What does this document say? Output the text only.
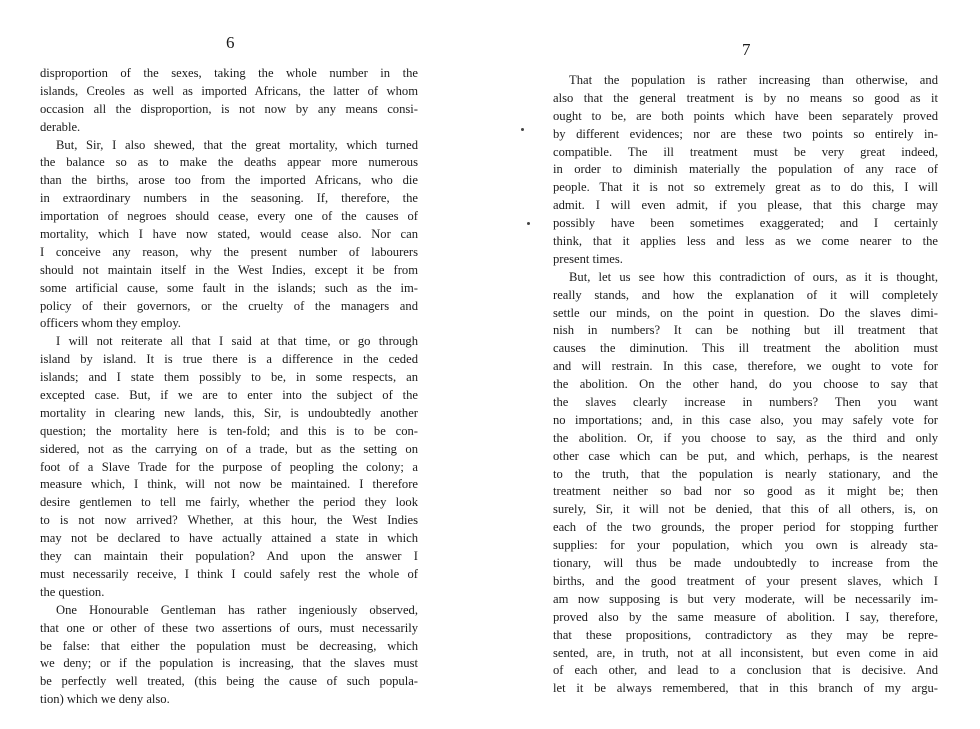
6
disproportion of the sexes, taking the whole number in the
islands, Creoles as well as imported Africans, the latter of whom
occasion all the disproportion, is not now by any means consi-
derable.
But, Sir, I also shewed, that the great mortality, which turned
the balance so as to make the deaths appear more numerous
than the births, arose too from the imported Africans, who die
in extraordinary numbers in the seasoning. If, therefore, the
importation of negroes should cease, every one of the causes of
mortality, which I have now stated, would cease also. Nor can
I conceive any reason, why the present number of labourers
should not maintain itself in the West Indies, except it be from
some artificial cause, some fault in the islands; such as the im-
policy of their governors, or the cruelty of the managers and
officers whom they employ.
I will not reiterate all that I said at that time, or go through
island by island. It is true there is a difference in the ceded
islands; and I state them possibly to be, in some respects, an
excepted case. But, if we are to enter into the subject of the
mortality in clearing new lands, this, Sir, is undoubtedly another
question; the mortality here is ten-fold; and this is to be con-
sidered, not as the carrying on of a trade, but as the setting on
foot of a Slave Trade for the purpose of peopling the colony; a
measure which, I think, will not now be maintained. I therefore
desire gentlemen to tell me fairly, whether the period they look
to is not now arrived? Whether, at this hour, the West Indies
may not be declared to have actually attained a state in which
they can maintain their population? And upon the answer I
must necessarily receive, I think I could safely rest the whole of
the question.
One Honourable Gentleman has rather ingeniously observed,
that one or other of these two assertions of ours, must necessarily
be false: that either the population must be decreasing, which
we deny; or if the population is increasing, that the slaves must
be perfectly well treated, (this being the cause of such popula-
tion) which we deny also.
7
That the population is rather increasing than otherwise, and
also that the general treatment is by no means so good as it
ought to be, are both points which have been separately proved
by different evidences; nor are these two points so entirely in-
compatible. The ill treatment must be very great indeed,
in order to diminish materially the population of any race of
people. That it is not so extremely great as to do this, I will
admit. I will even admit, if you please, that this charge may
possibly have been sometimes exaggerated; and I certainly
think, that it applies less and less as we come nearer to the
present times.
But, let us see how this contradiction of ours, as it is thought,
really stands, and how the explanation of it will completely
settle our minds, on the point in question. Do the slaves dimi-
nish in numbers? It can be nothing but ill treatment that
causes the diminution. This ill treatment the abolition must
and will restrain. In this case, therefore, we ought to vote for
the abolition. On the other hand, do you choose to say that
the slaves clearly increase in numbers? Then you want
no importations; and, in this case also, you may safely vote for
the abolition. Or, if you choose to say, as the third and only
other case which can be put, and which, perhaps, is the nearest
to the truth, that the population is nearly stationary, and the
treatment neither so bad nor so good as it might be; then
surely, Sir, it will not be denied, that this of all others, is, on
each of the two grounds, the proper period for stopping further
supplies: for your population, which you own is already sta-
tionary, will thus be made undoubtedly to increase from the
births, and the good treatment of your present slaves, which I
am now supposing is but very moderate, will be necessarily im-
proved also by the same measure of abolition. I say, therefore,
that these propositions, contradictory as they may be repre-
sented, are, in truth, not at all inconsistent, but even come in aid
of each other, and lead to a conclusion that is decisive. And
let it be always remembered, that in this branch of my argu-
